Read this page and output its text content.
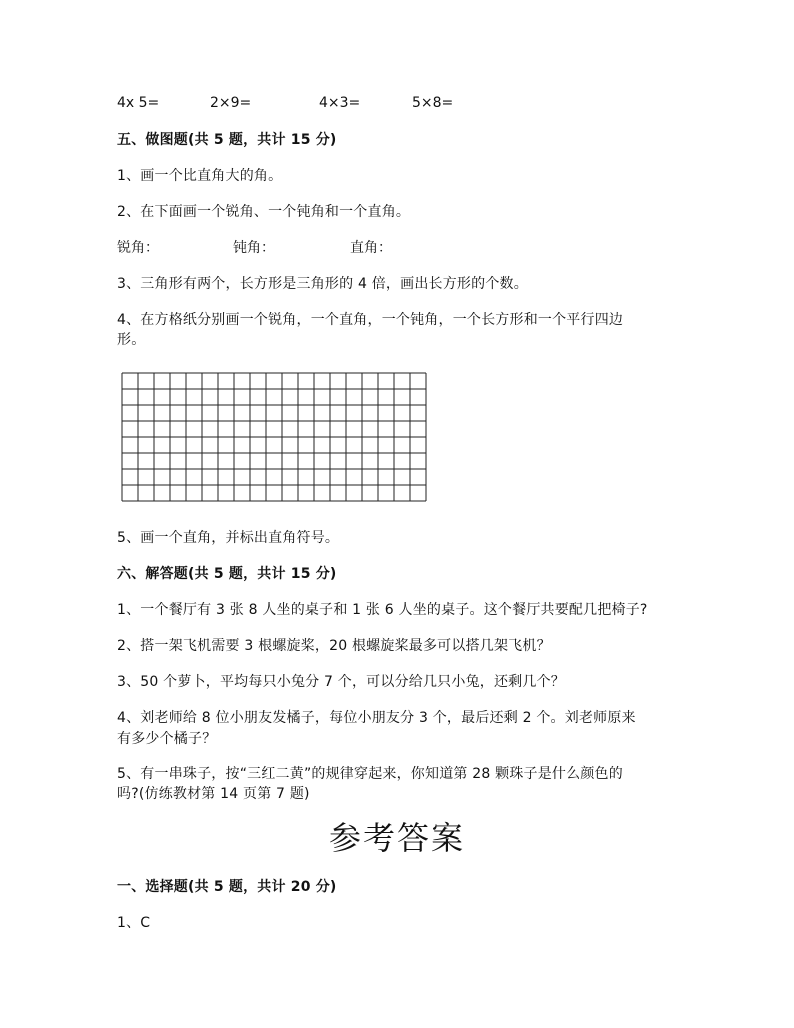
4x 5=	2×9=	4×3=	5×8=
五、做图题(共 5 题，共计 15 分)
1、画一个比直角大的角。
2、在下面画一个锐角、一个钝角和一个直角。
锐角：	钝角：	直角：
3、三角形有两个，长方形是三角形的 4 倍，画出长方形的个数。
4、在方格纸分别画一个锐角，一个直角，一个钝角，一个长方形和一个平行四边
形。
5、画一个直角，并标出直角符号。
六、解答题(共 5 题，共计 15 分)
1、一个餐厅有 3 张 8 人坐的桌子和 1 张 6 人坐的桌子。这个餐厅共要配几把椅子?
2、搭一架飞机需要 3 根螺旋桨，20 根螺旋桨最多可以搭几架飞机？
3、50 个萝卜，平均每只小兔分 7 个，可以分给几只小兔，还剩几个？
4、刘老师给 8 位小朋友发橘子，每位小朋友分 3 个，最后还剩 2 个。刘老师原来
有多少个橘子？
5、有一串珠子，按“三红二黄”的规律穿起来，你知道第 28 颗珠子是什么颜色的
吗?(仿练教材第 14 页第 7 题)
参考答案
一、选择题(共 5 题，共计 20 分)
1、C
